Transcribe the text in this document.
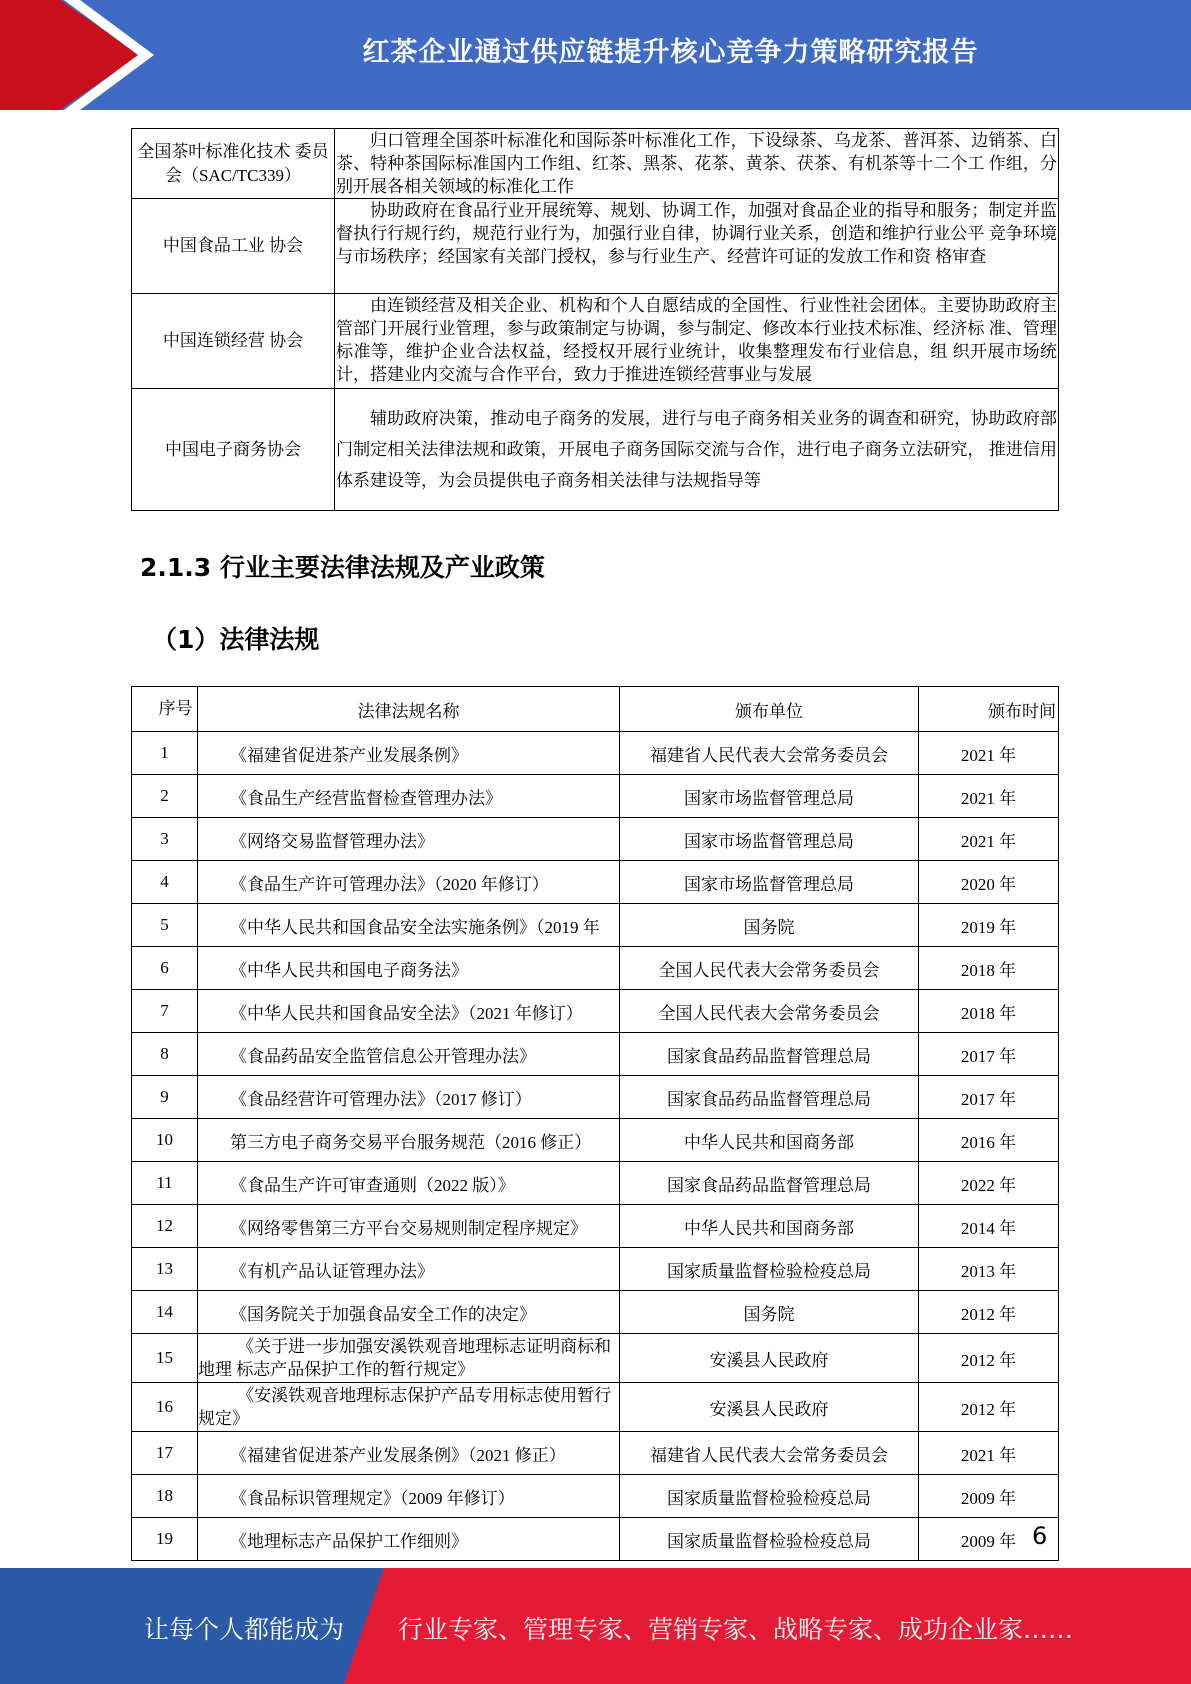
红茶企业通过供应链提升核心竞争力策略研究报告
全国茶叶标准化技术 委员会（SAC/TC339）	归口管理全国茶叶标准化和国际茶叶标准化工作，下设绿茶、乌龙茶、普洱茶、边销茶、白茶、特种茶国际标准国内工作组、红茶、黑茶、花茶、黄茶、茯茶、有机茶等十二个工 作组，分别开展各相关领域的标准化工作
中国食品工业 协会	协助政府在食品行业开展统筹、规划、协调工作，加强对食品企业的指导和服务；制定并监督执行行规行约，规范行业行为，加强行业自律，协调行业关系，创造和维护行业公平 竞争环境与市场秩序；经国家有关部门授权，参与行业生产、经营许可证的发放工作和资 格审查
中国连锁经营 协会	由连锁经营及相关企业、机构和个人自愿结成的全国性、行业性社会团体。主要协助政府主管部门开展行业管理，参与政策制定与协调，参与制定、修改本行业技术标准、经济标 准、管理标准等，维护企业合法权益，经授权开展行业统计，收集整理发布行业信息，组 织开展市场统计，搭建业内交流与合作平台，致力于推进连锁经营事业与发展
中国电子商务协会	辅助政府决策，推动电子商务的发展，进行与电子商务相关业务的调查和研究，协助政府部门制定相关法律法规和政策，开展电子商务国际交流与合作，进行电子商务立法研究， 推进信用体系建设等，为会员提供电子商务相关法律与法规指导等
2.1.3 行业主要法律法规及产业政策
（1）法律法规
序号	法律法规名称	颁布单位	颁布时间
1	《福建省促进茶产业发展条例》	福建省人民代表大会常务委员会	2021 年
2	《食品生产经营监督检查管理办法》	国家市场监督管理总局	2021 年
3	《网络交易监督管理办法》	国家市场监督管理总局	2021 年
4	《食品生产许可管理办法》（2020 年修订）	国家市场监督管理总局	2020 年
5	《中华人民共和国食品安全法实施条例》（2019 年	国务院	2019 年
6	《中华人民共和国电子商务法》	全国人民代表大会常务委员会	2018 年
7	《中华人民共和国食品安全法》（2021 年修订）	全国人民代表大会常务委员会	2018 年
8	《食品药品安全监管信息公开管理办法》	国家食品药品监督管理总局	2017 年
9	《食品经营许可管理办法》（2017 修订）	国家食品药品监督管理总局	2017 年
10	第三方电子商务交易平台服务规范（2016 修正）	中华人民共和国商务部	2016 年
11	《食品生产许可审查通则（2022 版）》	国家食品药品监督管理总局	2022 年
12	《网络零售第三方平台交易规则制定程序规定》	中华人民共和国商务部	2014 年
13	《有机产品认证管理办法》	国家质量监督检验检疫总局	2013 年
14	《国务院关于加强食品安全工作的决定》	国务院	2012 年
15	《关于进一步加强安溪铁观音地理标志证明商标和地理 标志产品保护工作的暂行规定》	安溪县人民政府	2012 年
16	《安溪铁观音地理标志保护产品专用标志使用暂行规定》	安溪县人民政府	2012 年
17	《福建省促进茶产业发展条例》（2021 修正）	福建省人民代表大会常务委员会	2021 年
18	《食品标识管理规定》（2009 年修订）	国家质量监督检验检疫总局	2009 年
19	《地理标志产品保护工作细则》	国家质量监督检验检疫总局	2009 年 6
让每个人都能成为 行业专家、管理专家、营销专家、战略专家、成功企业家……
